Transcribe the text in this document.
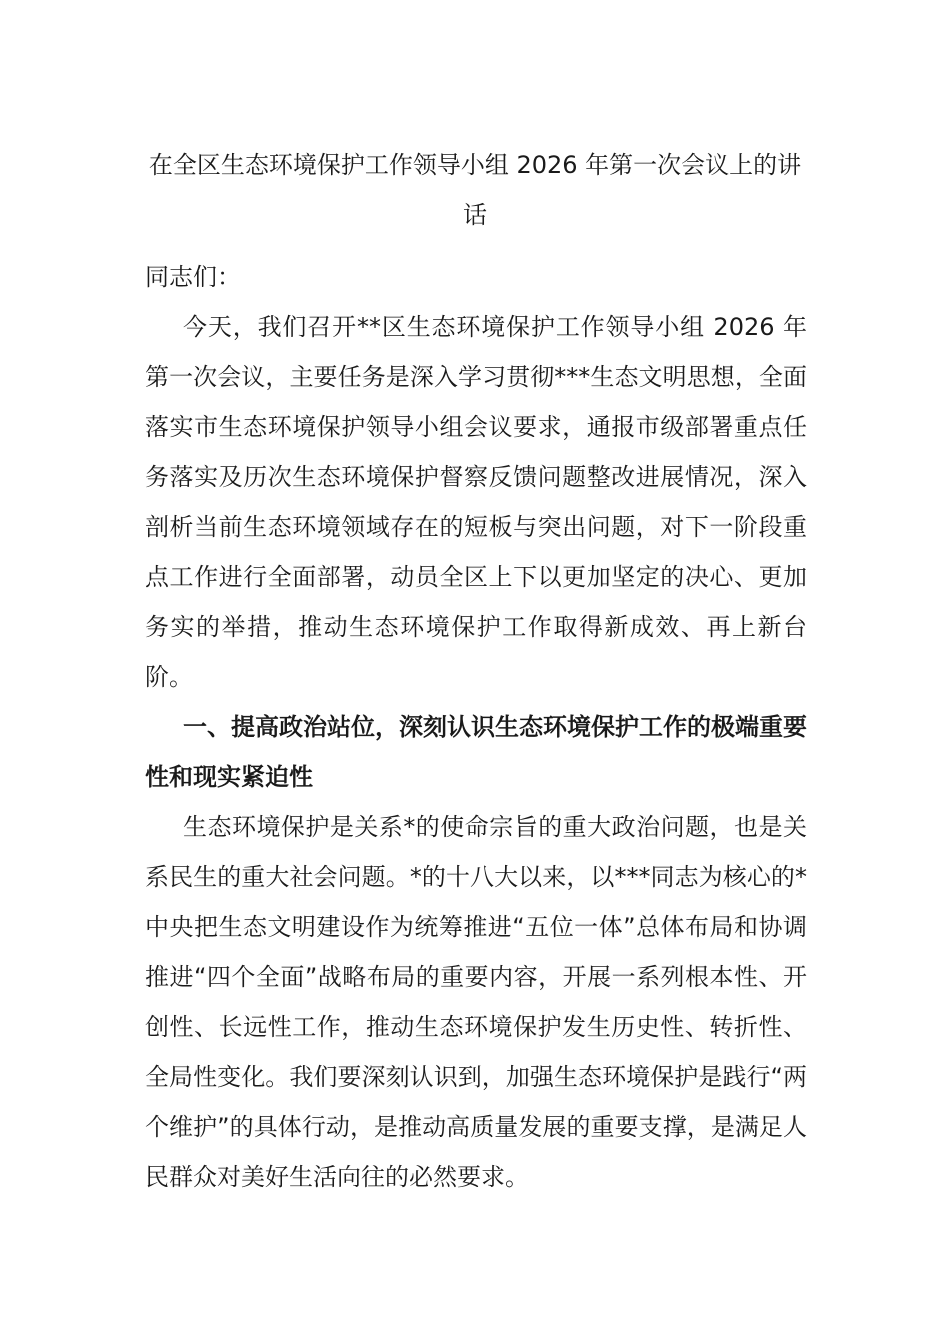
在全区生态环境保护工作领导小组 2026 年第一次会议上的讲话

同志们：

今天，我们召开**区生态环境保护工作领导小组 2026 年第一次会议，主要任务是深入学习贯彻***生态文明思想，全面落实市生态环境保护领导小组会议要求，通报市级部署重点任务落实及历次生态环境保护督察反馈问题整改进展情况，深入剖析当前生态环境领域存在的短板与突出问题，对下一阶段重点工作进行全面部署，动员全区上下以更加坚定的决心、更加务实的举措，推动生态环境保护工作取得新成效、再上新台阶。

一、提高政治站位，深刻认识生态环境保护工作的极端重要性和现实紧迫性

生态环境保护是关系*的使命宗旨的重大政治问题，也是关系民生的重大社会问题。*的十八大以来，以***同志为核心的*中央把生态文明建设作为统筹推进“五位一体”总体布局和协调推进“四个全面”战略布局的重要内容，开展一系列根本性、开创性、长远性工作，推动生态环境保护发生历史性、转折性、全局性变化。我们要深刻认识到，加强生态环境保护是践行“两个维护”的具体行动，是推动高质量发展的重要支撑，是满足人民群众对美好生活向往的必然要求。
